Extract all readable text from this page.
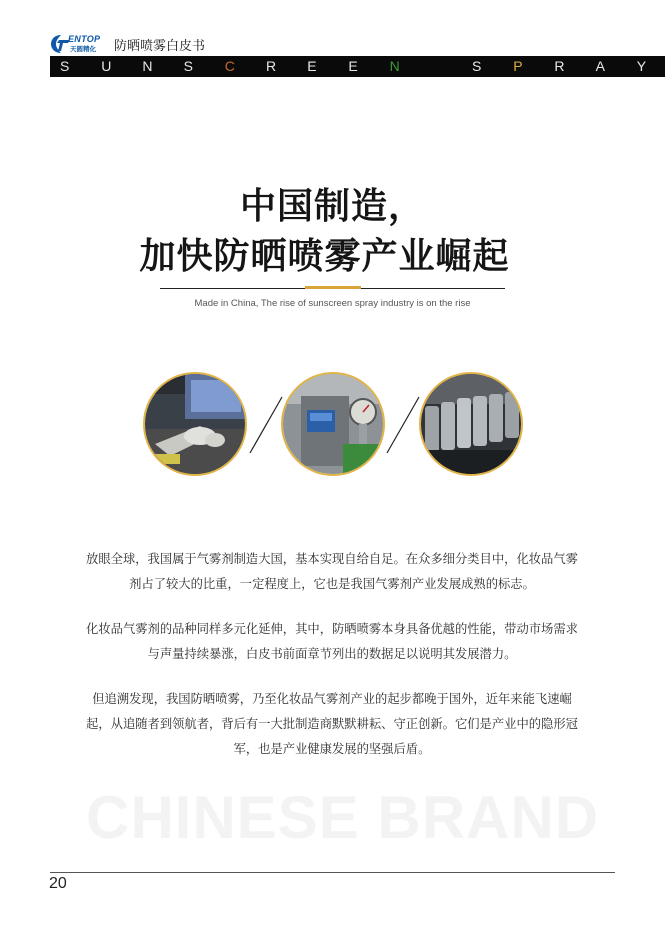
ENTOP
天圆精化 防晒喷雾白皮书
S U N S C R E E N	S P R A Y
中国制造，
加快防晒喷雾产业崛起
Made in China, The rise of sunscreen spray industry is on the rise
放眼全球，我国属于气雾剂制造大国，基本实现自给自足。在众多细分类目中，化妆品气雾剂占了较大的比重，一定程度上，它也是我国气雾剂产业发展成熟的标志。
化妆品气雾剂的品种同样多元化延伸，其中，防晒喷雾本身具备优越的性能，带动市场需求与声量持续暴涨，白皮书前面章节列出的数据足以说明其发展潜力。
但追溯发现，我国防晒喷雾，乃至化妆品气雾剂产业的起步都晚于国外，近年来能飞速崛起，从追随者到领航者，背后有一大批制造商默默耕耘、守正创新。它们是产业中的隐形冠军，也是产业健康发展的坚强后盾。
CHINESE BRAND
20
